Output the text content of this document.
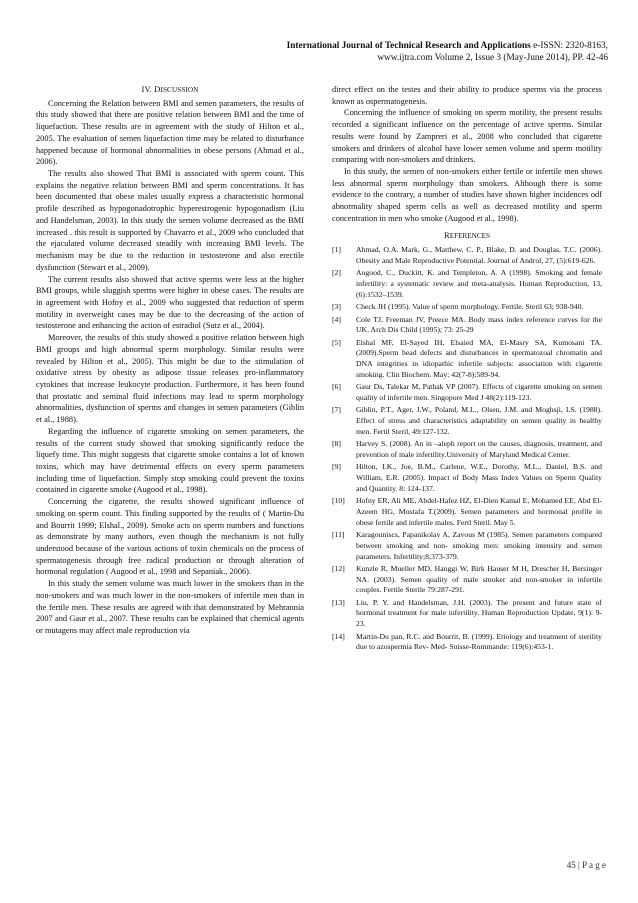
International Journal of Technical Research and Applications e-ISSN: 2320-8163,
www.ijtra.com Volume 2, Issue 3 (May-June 2014), PP. 42-46
IV. DISCUSSION

Concerning the Relation between BMI and semen parameters, the results of this study showed that there are positive relation between BMI and the time of liquefaction. These results are in agreement with the study of Hilton et al., 2005. The evaluation of semen liquefaction time may be related to disturbance happened because of hormonal abnormalities in obese persons (Ahmad et al., 2006).

The results also showed That BMI is associated with sperm count. This explains the negative relation between BMI and sperm concentrations. It has been documented that obese males usually express a characteristic hormonal profile described as hypogonadotrophic hyperestrogenic hypogonadism (Liu and Handelsman, 2003). In this study the semen volume decreased as the BMI increased . this result is supported by Chavarro et al., 2009 who concluded that the ejaculated volume decreased steadily with increasing BMI levels. The mechanism may be due to the reduction in testosterone and also erectile dysfunction (Stewart et al., 2009).

The current results also showed that active sperms were less at the higher BMI groups, while sluggish sperms were higher in obese cases. The results are in agreement with Hofny et al., 2009 who suggested that reduction of sperm motility in overweight cases may be due to the decreasing of the action of testosterone and enhancing the action of estradiol (Sutz et al., 2004).

Moreover, the results of this study showed a positive relation between high BMI groups and high abnormal sperm morphology. Similar results were revealed by Hilton et al., 2005). This might be due to the stimulation of oxidative stress by obesity as adipose tissue releases pro-inflammatory cytokines that increase leukocyte production. Furthermore, it has been found that prostatic and seminal fluid infections may lead to sperm morphology abnormalities, dysfunction of sperms and changes in semen parameters (Giblin et al., 1988).

Regarding the influence of cigarette smoking on semen parameters, the results of the current study showed that smoking significantly reduce the liquefy time. This might suggests that cigarette smoke contains a lot of known toxins, which may have detrimental effects on every sperm parameters including time of liquefaction. Simply stop smoking could prevent the toxins contained in cigarette smoke (Augood et al., 1998).

Concerning the cigarette, the results showed significant influence of smoking on sperm count. This finding supported by the results of ( Martin-Du and Bourrit 1999; Elshal., 2009). Smoke acts on sperm numbers and functions as demonstrate by many authors, even though the mechanism is not fully understood because of the various actions of toxin chemicals on the process of spermatogenesis through free radical production or through alteration of hormonal regulation ( Augood et al., 1998 and Sepaniak., 2006).

In this study the semen volume was much lower in the smokers than in the non-smokers and was much lower in the non-smokers of infertile men than in the fertile men. These results are agreed with that demonstrated by Mehrannia 2007 and Gaur et al., 2007. These results can be explained that chemical agents or mutagens may affect male reproduction via

direct effect on the testes and their ability to produce sperms via the process known as ospermatogenesis.

Concerning the influence of smoking on sperm motility, the present results recorded a significant influence on the percentage of active sperms. Similar results were found by Zampreri et al., 2008 who concluded that cigarette smokers and drinkers of alcohol have lower semen volume and sperm motility comparing with non-smokers and drinkers.

In this study, the semen of non-smokers either fertile or infertile men shows less abnormal sperm morphology than smokers. Although there is some evidence to the contrary, a number of studies have shown higher incidences odf abnormality shaped sperm cells as well as decreased motility and sperm concentration in men who smoke (Augood et al., 1998).

REFERENCES
[1]	Ahmad, O.A. Mark, G., Matthew, C. P., Blake, D. and Douglas, T.C. (2006). Obesity and Male Reproductive Potential. Journal of Androl, 27, (5):619-626.
[2]	Augood, C., Duckitt, K. and Templeton, A. A (1998). Smoking and female infertility: a systematic review and meta-analysis. Human Reproduction, 13, (6):1532–1539.
[3]	Check JH (1995). Value of sperm morphology. Fertile. Steril 63; 938-940.
[4]	Cole TJ, Freeman JV, Preece MA. Body mass index reference curves for the UK. Arch Dis Child (1995); 73: 25-29
[5]	Elshal MF, El-Sayed IH, Elsaied MA, El-Masry SA, Kumosani TA. (2009).Sperm head defects and disturbances in spermatozoal chromatin and DNA integrities in idiopathic infertile subjects: association with cigarette smoking. Clin Biochem. May; 42(7-8):589-94.
[6]	Gaur Ds, Talekar M, Pathak VP (2007). Effects of cigarette smoking on semen quality of infertile men. Singopore Med J 48(2):119-123.
[7]	Giblin, P.T., Ager, J.W., Poland, M.L., Olsen, J.M. and Moghsji, I.S. (1988). Effect of stress and characteristics adaptability on semen quality in healthy men. Fertil Steril, 49:127-132.
[8]	Harvey S. (2008). An in –aleph report on the causes, diagnosis, treatment, and prevention of male infertility.University of Maryland Medical Center.
[9]	Hilton, I.K., Joe, B.M., Carlene, W.E., Dorothy, M.L., Daniel, B.S. and William, E.R. (2005). Impact of Body Mass Index Values on Sperm Quality and Quantity. 8: 124-137.
[10]	Hofny ER, Ali ME, Abdel-Hafez HZ, El-Dien Kamal E, Mohamed EE, Abd El-Azeem HG, Mostafa T.(2009). Semen parameters and hormonal profile in obese fertile and infertile males. Fertl Steril. May 5.
[11]	Karagouniscs, Papanikolav A, Zavous M (1985). Semen parameters compared between smoking and non- smoking men: smoking intensity and semen parameters. Infertility;8;373-379.
[12]	Kunzle R, Mueller MD, Hanggi W, Birk Hauser M H, Drescher H, Bersinger NA. (2003). Semen quality of male smoker and non-smoker in infertile couples. Fertile Sterile 79:287-291.
[13]	Liu, P. Y. and Handelsman, J.H. (2003). The present and future state of hormonal treatment for male infertility. Human Reproduction Update, 9(1): 9-23.
[14]	Martin-Du pan, R.C. and Bourrit, B. (1999). Etiology and treatment of sterility due to azospermia Rev- Med- Suisse-Rommande: 119(6):453-1.
45 | P a g e
